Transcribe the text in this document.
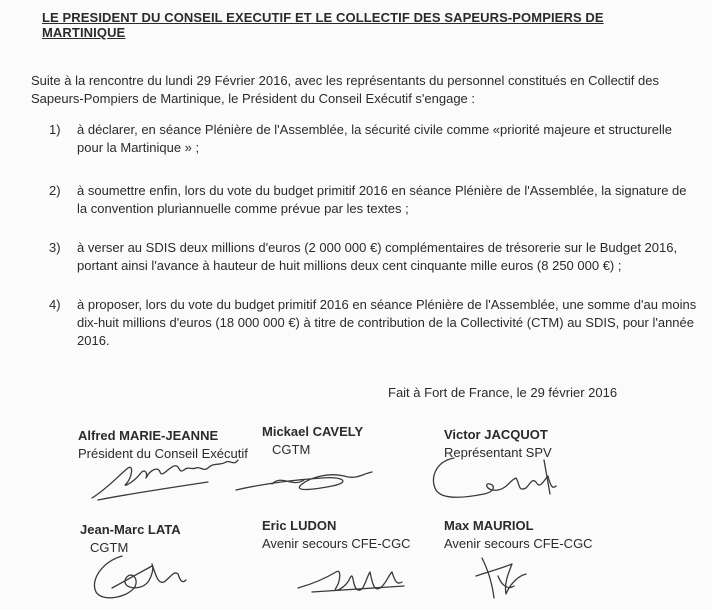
LE PRESIDENT DU CONSEIL EXECUTIF ET LE COLLECTIF DES SAPEURS-POMPIERS DE MARTINIQUE
Suite à la rencontre du lundi 29 Février 2016, avec les représentants du personnel constitués en Collectif des Sapeurs-Pompiers de Martinique, le Président du Conseil Exécutif s'engage :
1)	à déclarer, en séance Plénière de l'Assemblée, la sécurité civile comme «priorité majeure et structurelle pour la Martinique » ;
2)	à soumettre enfin, lors du vote du budget primitif 2016 en séance Plénière de l'Assemblée, la signature de la convention pluriannuelle comme prévue par les textes ;
3)	à verser au SDIS deux millions d'euros (2 000 000 €) complémentaires de trésorerie sur le Budget 2016, portant ainsi l'avance à hauteur de huit millions deux cent cinquante mille euros (8 250 000 €) ;
4)	à proposer, lors du vote du budget primitif 2016 en séance Plénière de l'Assemblée, une somme d'au moins dix-huit millions d'euros (18 000 000 €) à titre de contribution de la Collectivité (CTM) au SDIS, pour l'année 2016.
Fait à Fort de France, le 29 février 2016
Alfred MARIE-JEANNE
Président du Conseil Exécutif
Mickael CAVELY
CGTM
Victor JACQUOT
Représentant SPV
Jean-Marc LATA
CGTM
Eric LUDON
Avenir secours CFE-CGC
Max MAURIOL
Avenir secours CFE-CGC
